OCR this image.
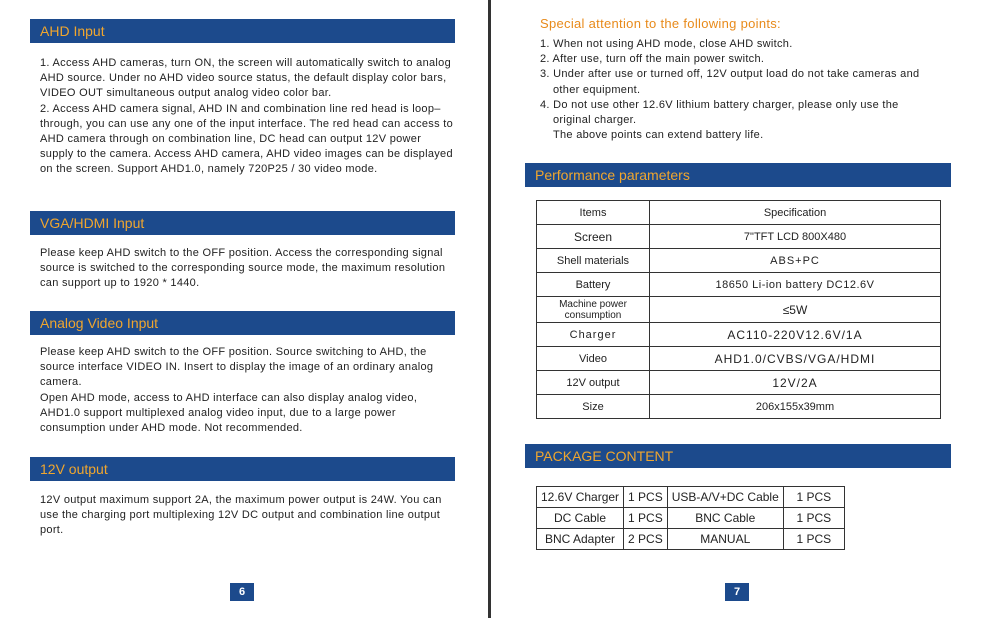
AHD Input

1. Access AHD cameras, turn ON, the screen will automatically switch to analog AHD source. Under no AHD video source status, the default display color bars, VIDEO OUT simultaneous output analog video color bar.

2. Access AHD camera signal, AHD IN and combination line red head is loop–through, you can use any one of the input interface. The red head can access to AHD camera through on combination line, DC head can output 12V power supply to the camera. Access AHD camera, AHD video images can be displayed on the screen. Support AHD1.0, namely 720P25 / 30 video mode.

VGA/HDMI Input

Please keep AHD switch to the OFF position. Access the corresponding signal source is switched to the corresponding source mode, the maximum resolution can support up to 1920 * 1440.

Analog Video Input

Please keep AHD switch to the OFF position. Source switching to AHD, the source interface VIDEO IN. Insert to display the image of an ordinary analog camera.

Open AHD mode, access to AHD interface can also display analog video, AHD1.0 support multiplexed analog video input, due to a large power consumption under AHD mode. Not recommended.

12V output

12V output maximum support 2A, the maximum power output is 24W. You can use the charging port multiplexing 12V DC output and combination line output port.

6

Special attention to the following points:

1. When not using AHD mode, close AHD switch.
2. After use, turn off the main power switch.
3. Under after use or turned off, 12V output load do not take cameras and
other equipment.
4. Do not use other 12.6V lithium battery charger, please only use the
original charger.
The above points can extend battery life.
Performance parameters
Items	Specification
Screen	7"TFT LCD 800X480
Shell materials	ABS+PC
Battery	18650 Li-ion battery DC12.6V
Machine power consumption	≤5W
Charger	AC110-220V12.6V/1A
Video	AHD1.0/CVBS/VGA/HDMI
12V output	12V/2A
Size	206x155x39mm
PACKAGE CONTENT
12.6V Charger	1 PCS	USB-A/V+DC Cable	1 PCS
DC Cable	1 PCS	BNC Cable	1 PCS
BNC Adapter	2 PCS	MANUAL	1 PCS
7
